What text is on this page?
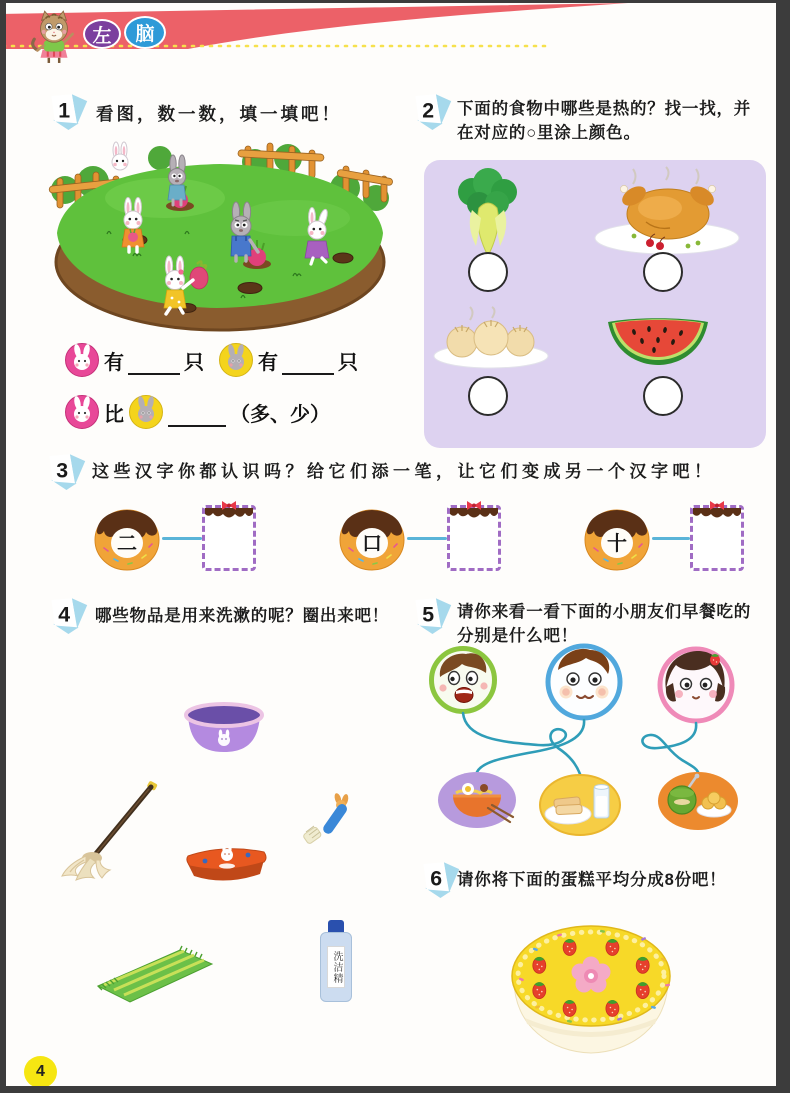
左 脑
1 看图，数一数，填一填吧！
有	只	有	只
比	（多、少）
2 下面的食物中哪些是热的？找一找，并在对应的○里涂上颜色。
3 这些汉字你都认识吗？给它们添一笔，让它们变成另一个汉字吧！
二	口	十
4 哪些物品是用来洗漱的呢？圈出来吧！
洗洁精
5 请你来看一看下面的小朋友们早餐吃的分别是什么吧！
6 请你将下面的蛋糕平均分成8份吧！
4
